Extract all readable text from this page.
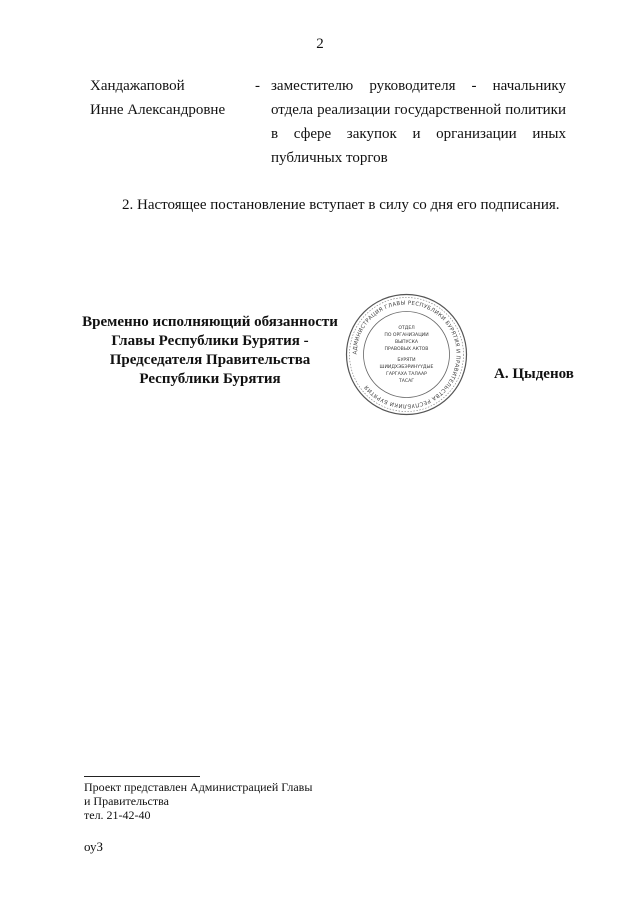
2
Хандажаповой
Инне Александровне
- заместителю руководителя - начальнику отдела реализации государственной политики в сфере закупок и организации иных публичных торгов
2. Настоящее постановление вступает в силу со дня его подписания.
Временно исполняющий обязанности
Главы Республики Бурятия -
Председателя Правительства
Республики Бурятия
АДМИНИСТРАЦИЯ ГЛАВЫ РЕСПУБЛИКИ БУРЯТИЯ И ПРАВИТЕЛЬСТВА РЕСПУБЛИКИ БУРЯТИЯ
ОТДЕЛ
ПО ОРГАНИЗАЦИИ
ВЫПУСКА
ПРАВОВЫХ АКТОВ
БУРЯТИ
ШИИДХЭБЭРИНҮҮДЫЕ
ГАРГАХА ТАЛААР
ТАСАГ	А. Цыденов
Проект представлен Администрацией Главы
и Правительства
тел. 21-42-40
оуЗ
